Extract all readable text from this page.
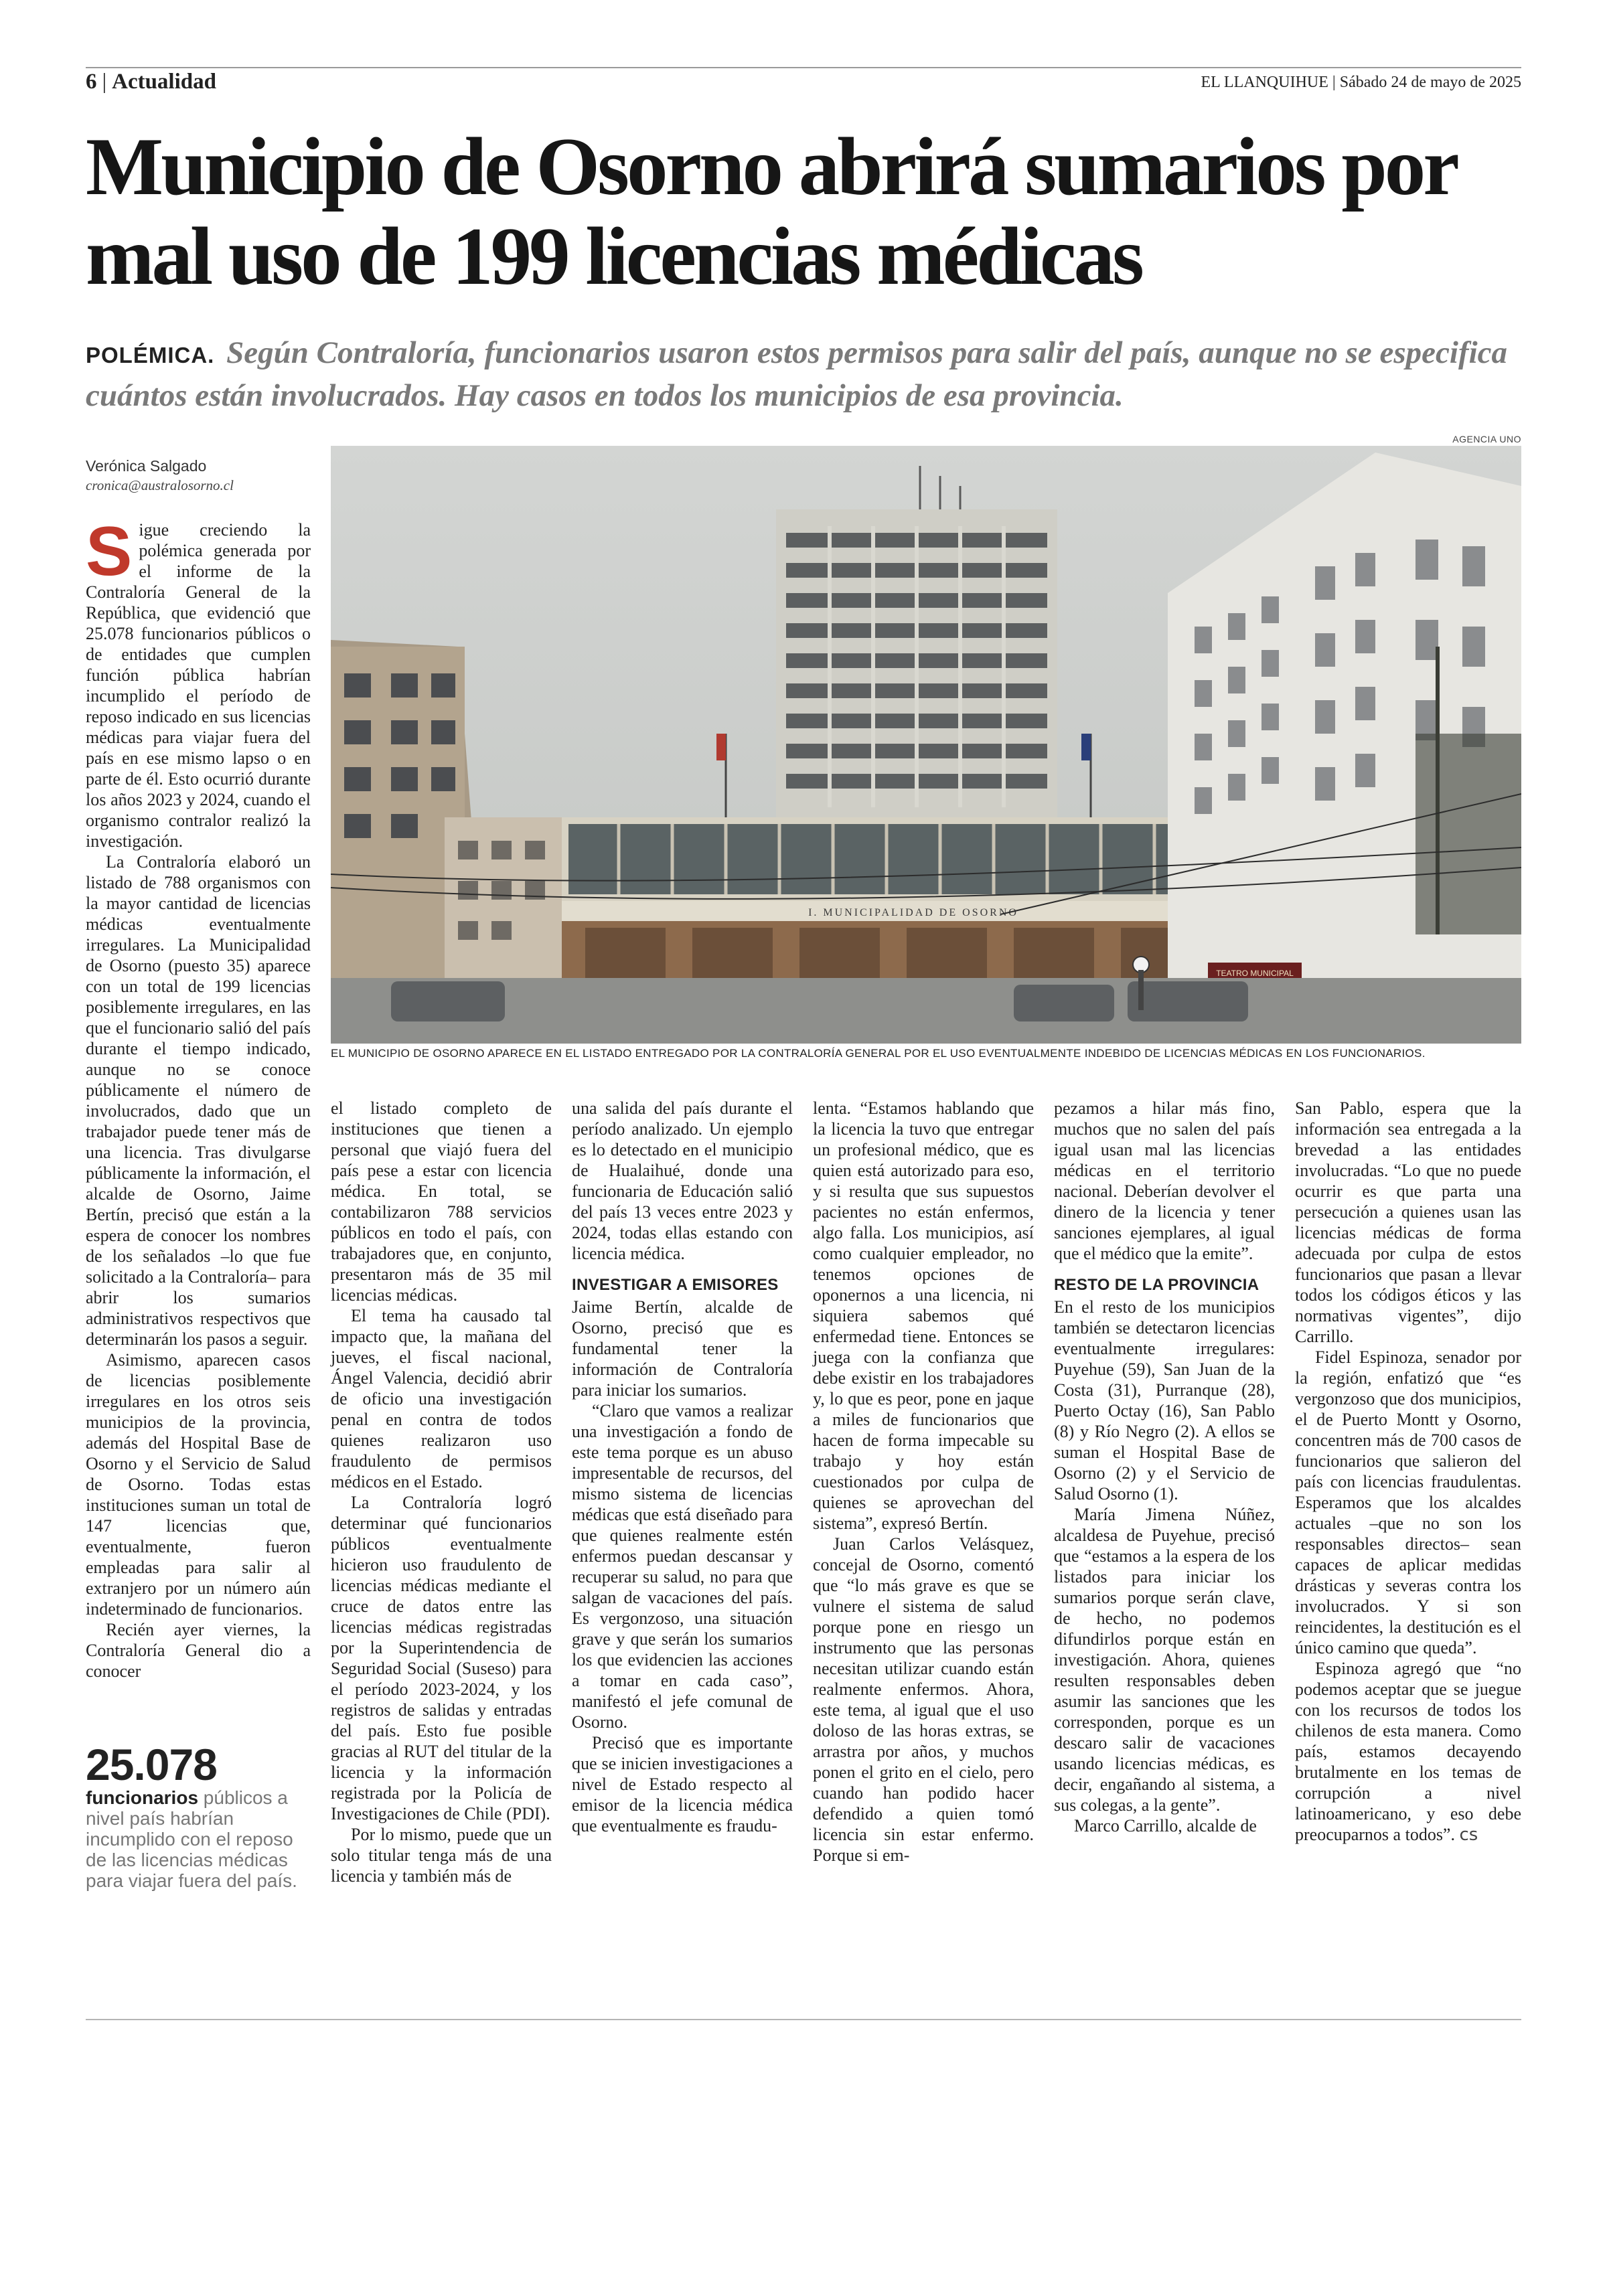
6 | Actualidad	EL LLANQUIHUE | Sábado 24 de mayo de 2025
Municipio de Osorno abrirá sumarios por mal uso de 199 licencias médicas
POLÉMICA. Según Contraloría, funcionarios usaron estos permisos para salir del país, aunque no se especifica cuántos están involucrados. Hay casos en todos los municipios de esa provincia.
Verónica Salgado
cronica@australosorno.cl
AGENCIA UNO
I. MUNICIPALIDAD DE OSORNO
TEATRO MUNICIPAL
EL MUNICIPIO DE OSORNO APARECE EN EL LISTADO ENTREGADO POR LA CONTRALORÍA GENERAL POR EL USO EVENTUALMENTE INDEBIDO DE LICENCIAS MÉDICAS EN LOS FUNCIONARIOS.

Sigue creciendo la polémica generada por el informe de la Contraloría General de la República, que evidenció que 25.078 funcionarios públicos o de entidades que cumplen función pública habrían incumplido el período de reposo indicado en sus licencias médicas para viajar fuera del país en ese mismo lapso o en parte de él. Esto ocurrió durante los años 2023 y 2024, cuando el organismo contralor realizó la investigación.

La Contraloría elaboró un listado de 788 organismos con la mayor cantidad de licencias médicas eventualmente irregulares. La Municipalidad de Osorno (puesto 35) aparece con un total de 199 licencias posiblemente irregulares, en las que el funcionario salió del país durante el tiempo indicado, aunque no se conoce públicamente el número de involucrados, dado que un trabajador puede tener más de una licencia. Tras divulgarse públicamente la información, el alcalde de Osorno, Jaime Bertín, precisó que están a la espera de conocer los nombres de los señalados –lo que fue solicitado a la Contraloría– para abrir los sumarios administrativos respectivos que determinarán los pasos a seguir.

Asimismo, aparecen casos de licencias posiblemente irregulares en los otros seis municipios de la provincia, además del Hospital Base de Osorno y el Servicio de Salud de Osorno. Todas estas instituciones suman un total de 147 licencias que, eventualmente, fueron empleadas para salir al extranjero por un número aún indeterminado de funcionarios.

Recién ayer viernes, la Contraloría General dio a conocer

25.078
funcionarios públicos a nivel país habrían incumplido con el reposo de las licencias médicas para viajar fuera del país.

el listado completo de instituciones que tienen a personal que viajó fuera del país pese a estar con licencia médica. En total, se contabilizaron 788 servicios públicos en todo el país, con trabajadores que, en conjunto, presentaron más de 35 mil licencias médicas.

El tema ha causado tal impacto que, la mañana del jueves, el fiscal nacional, Ángel Valencia, decidió abrir de oficio una investigación penal en contra de todos quienes realizaron uso fraudulento de permisos médicos en el Estado.

La Contraloría logró determinar qué funcionarios públicos eventualmente hicieron uso fraudulento de licencias médicas mediante el cruce de datos entre las licencias médicas registradas por la Superintendencia de Seguridad Social (Suseso) para el período 2023-2024, y los registros de salidas y entradas del país. Esto fue posible gracias al RUT del titular de la licencia y la información registrada por la Policía de Investigaciones de Chile (PDI).

Por lo mismo, puede que un solo titular tenga más de una licencia y también más de

una salida del país durante el período analizado. Un ejemplo es lo detectado en el municipio de Hualaihué, donde una funcionaria de Educación salió del país 13 veces entre 2023 y 2024, todas ellas estando con licencia médica.

INVESTIGAR A EMISORES

Jaime Bertín, alcalde de Osorno, precisó que es fundamental tener la información de Contraloría para iniciar los sumarios.

“Claro que vamos a realizar una investigación a fondo de este tema porque es un abuso impresentable de recursos, del mismo sistema de licencias médicas que está diseñado para que quienes realmente estén enfermos puedan descansar y recuperar su salud, no para que salgan de vacaciones del país. Es vergonzoso, una situación grave y que serán los sumarios los que evidencien las acciones a tomar en cada caso”, manifestó el jefe comunal de Osorno.

Precisó que es importante que se inicien investigaciones a nivel de Estado respecto al emisor de la licencia médica que eventualmente es fraudu-

lenta. “Estamos hablando que la licencia la tuvo que entregar un profesional médico, que es quien está autorizado para eso, y si resulta que sus supuestos pacientes no están enfermos, algo falla. Los municipios, así como cualquier empleador, no tenemos opciones de oponernos a una licencia, ni siquiera sabemos qué enfermedad tiene. Entonces se juega con la confianza que debe existir en los trabajadores y, lo que es peor, pone en jaque a miles de funcionarios que hacen de forma impecable su trabajo y hoy están cuestionados por culpa de quienes se aprovechan del sistema”, expresó Bertín.

Juan Carlos Velásquez, concejal de Osorno, comentó que “lo más grave es que se vulnere el sistema de salud porque pone en riesgo un instrumento que las personas necesitan utilizar cuando están realmente enfermos. Ahora, este tema, al igual que el uso doloso de las horas extras, se arrastra por años, y muchos ponen el grito en el cielo, pero cuando han podido hacer defendido a quien tomó licencia sin estar enfermo. Porque si em-

pezamos a hilar más fino, muchos que no salen del país igual usan mal las licencias médicas en el territorio nacional. Deberían devolver el dinero de la licencia y tener sanciones ejemplares, al igual que el médico que la emite”.

RESTO DE LA PROVINCIA

En el resto de los municipios también se detectaron licencias eventualmente irregulares: Puyehue (59), San Juan de la Costa (31), Purranque (28), Puerto Octay (16), San Pablo (8) y Río Negro (2). A ellos se suman el Hospital Base de Osorno (2) y el Servicio de Salud Osorno (1).

María Jimena Núñez, alcaldesa de Puyehue, precisó que “estamos a la espera de los listados para iniciar los sumarios porque serán clave, de hecho, no podemos difundirlos porque están en investigación. Ahora, quienes resulten responsables deben asumir las sanciones que les corresponden, porque es un descaro salir de vacaciones usando licencias médicas, es decir, engañando al sistema, a sus colegas, a la gente”.

Marco Carrillo, alcalde de

San Pablo, espera que la información sea entregada a la brevedad a las entidades involucradas. “Lo que no puede ocurrir es que parta una persecución a quienes usan las licencias médicas de forma adecuada por culpa de estos funcionarios que pasan a llevar todos los códigos éticos y las normativas vigentes”, dijo Carrillo.

Fidel Espinoza, senador por la región, enfatizó que “es vergonzoso que dos municipios, el de Puerto Montt y Osorno, concentren más de 700 casos de funcionarios que salieron del país con licencias fraudulentas. Esperamos que los alcaldes actuales –que no son los responsables directos– sean capaces de aplicar medidas drásticas y severas contra los involucrados. Y si son reincidentes, la destitución es el único camino que queda”.

Espinoza agregó que “no podemos aceptar que se juegue con los recursos de todos los chilenos de esta manera. Como país, estamos decayendo brutalmente en los temas de corrupción a nivel latinoamericano, y eso debe preocuparnos a todos”. cs
